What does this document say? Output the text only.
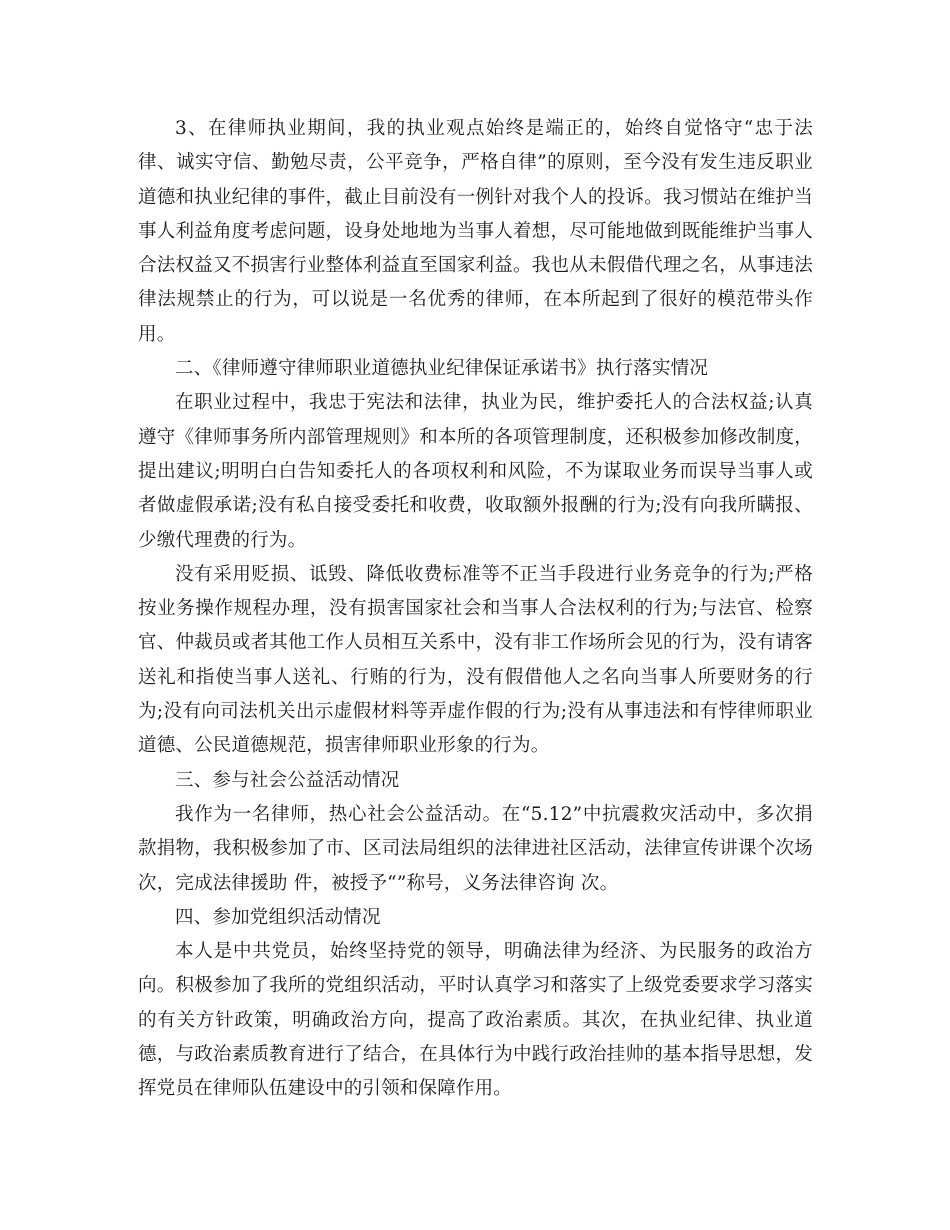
3、在律师执业期间，我的执业观点始终是端正的，始终自觉恪守“忠于法律、诚实守信、勤勉尽责，公平竞争，严格自律”的原则，至今没有发生违反职业道德和执业纪律的事件，截止目前没有一例针对我个人的投诉。我习惯站在维护当事人利益角度考虑问题，设身处地地为当事人着想，尽可能地做到既能维护当事人合法权益又不损害行业整体利益直至国家利益。我也从未假借代理之名，从事违法律法规禁止的行为，可以说是一名优秀的律师，在本所起到了很好的模范带头作用。

二、《律师遵守律师职业道德执业纪律保证承诺书》执行落实情况

在职业过程中，我忠于宪法和法律，执业为民，维护委托人的合法权益;认真遵守《律师事务所内部管理规则》和本所的各项管理制度，还积极参加修改制度，提出建议;明明白白告知委托人的各项权利和风险，不为谋取业务而误导当事人或者做虚假承诺;没有私自接受委托和收费，收取额外报酬的行为;没有向我所瞒报、少缴代理费的行为。

没有采用贬损、诋毁、降低收费标准等不正当手段进行业务竞争的行为;严格按业务操作规程办理，没有损害国家社会和当事人合法权利的行为;与法官、检察官、仲裁员或者其他工作人员相互关系中，没有非工作场所会见的行为，没有请客送礼和指使当事人送礼、行贿的行为，没有假借他人之名向当事人所要财务的行为;没有向司法机关出示虚假材料等弄虚作假的行为;没有从事违法和有悖律师职业道德、公民道德规范，损害律师职业形象的行为。

三、参与社会公益活动情况

我作为一名律师，热心社会公益活动。在“5.12”中抗震救灾活动中，多次捐款捐物，我积极参加了市、区司法局组织的法律进社区活动，法律宣传讲课个次场次，完成法律援助 件，被授予“”称号，义务法律咨询 次。

四、参加党组织活动情况

本人是中共党员，始终坚持党的领导，明确法律为经济、为民服务的政治方向。积极参加了我所的党组织活动，平时认真学习和落实了上级党委要求学习落实的有关方针政策，明确政治方向，提高了政治素质。其次，在执业纪律、执业道德，与政治素质教育进行了结合，在具体行为中践行政治挂帅的基本指导思想，发挥党员在律师队伍建设中的引领和保障作用。
